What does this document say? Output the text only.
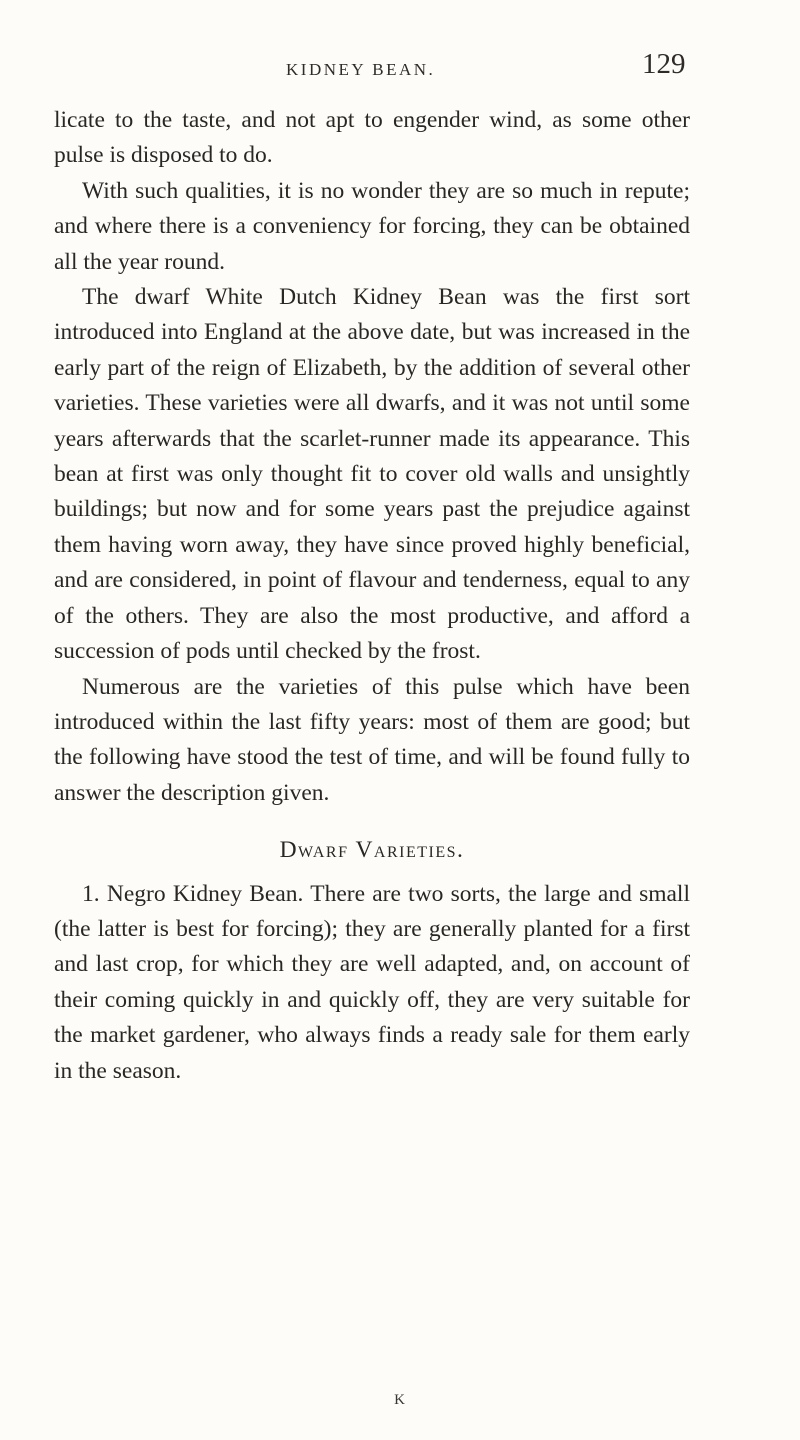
KIDNEY BEAN.	129

licate to the taste, and not apt to engender wind, as some other pulse is disposed to do.

With such qualities, it is no wonder they are so much in repute; and where there is a conveniency for forcing, they can be obtained all the year round.

The dwarf White Dutch Kidney Bean was the first sort introduced into England at the above date, but was increased in the early part of the reign of Elizabeth, by the addition of several other varieties. These varieties were all dwarfs, and it was not until some years afterwards that the scarlet-runner made its appearance. This bean at first was only thought fit to cover old walls and unsightly buildings; but now and for some years past the prejudice against them having worn away, they have since proved highly beneficial, and are considered, in point of flavour and tenderness, equal to any of the others. They are also the most productive, and afford a succession of pods until checked by the frost.

Numerous are the varieties of this pulse which have been introduced within the last fifty years: most of them are good; but the following have stood the test of time, and will be found fully to answer the description given.

Dwarf Varieties.

1. Negro Kidney Bean. There are two sorts, the large and small (the latter is best for forcing); they are generally planted for a first and last crop, for which they are well adapted, and, on account of their coming quickly in and quickly off, they are very suitable for the market gardener, who always finds a ready sale for them early in the season.

K
